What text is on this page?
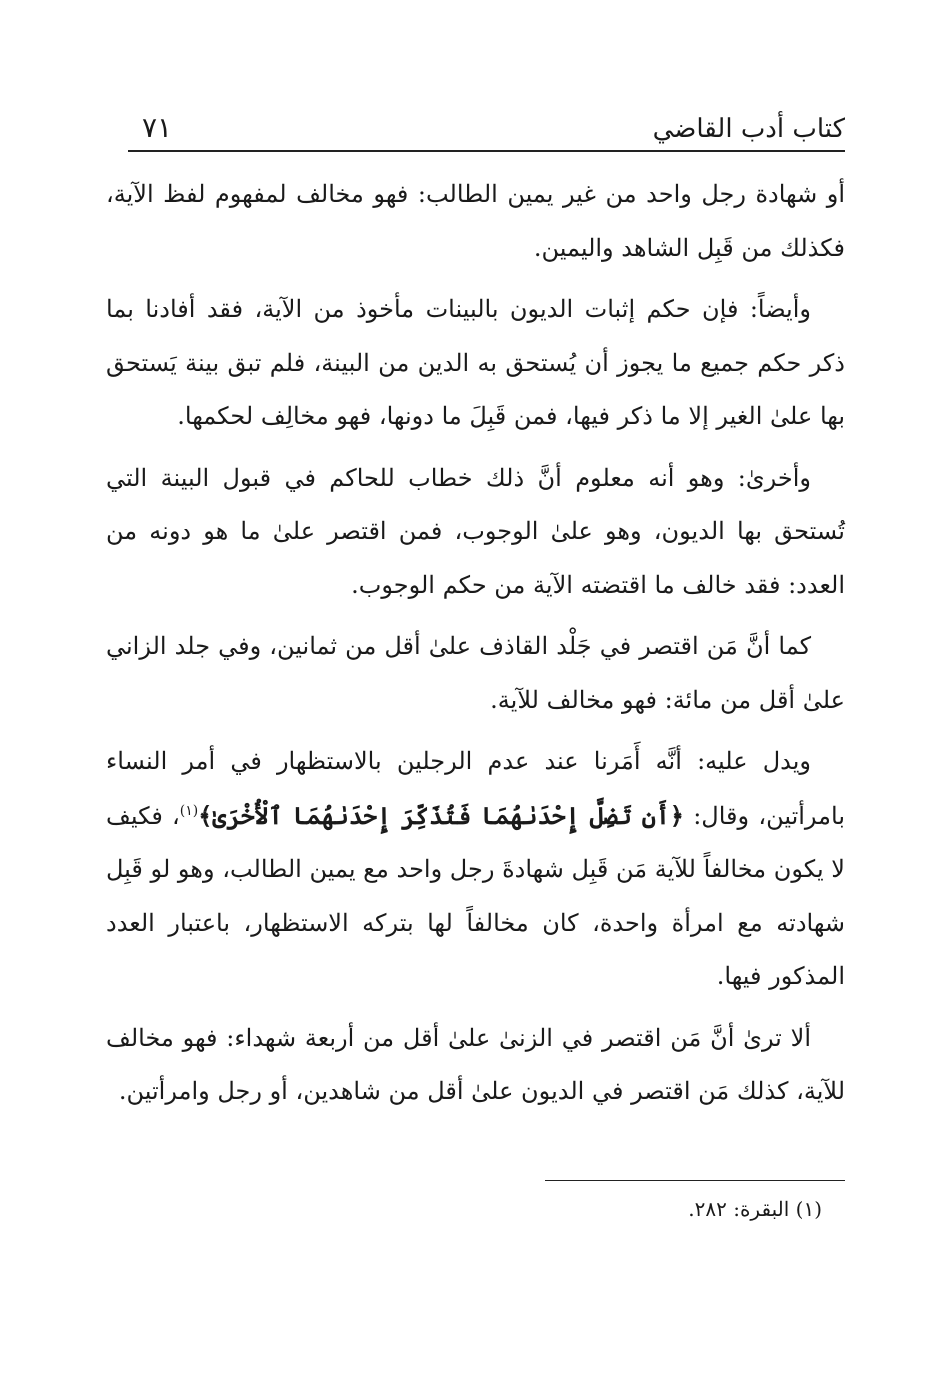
كتاب أدب القاضي
٧١

أو شهادة رجل واحد من غير يمين الطالب: فهو مخالف لمفهوم لفظ الآية، فكذلك من قَبِل الشاهد واليمين.

وأيضاً: فإن حكم إثبات الديون بالبينات مأخوذ من الآية، فقد أفادنا بما ذكر حكم جميع ما يجوز أن يُستحق به الدين من البينة، فلم تبق بينة يَستحق بها علىٰ الغير إلا ما ذكر فيها، فمن قَبِلَ ما دونها، فهو مخالِف لحكمها.

وأخرىٰ: وهو أنه معلوم أنَّ ذلك خطاب للحاكم في قبول البينة التي تُستحق بها الديون، وهو علىٰ الوجوب، فمن اقتصر علىٰ ما هو دونه من العدد: فقد خالف ما اقتضته الآية من حكم الوجوب.

كما أنَّ مَن اقتصر في جَلْد القاذف علىٰ أقل من ثمانين، وفي جلد الزاني علىٰ أقل من مائة: فهو مخالف للآية.

ويدل عليه: أنَّه أَمَرنا عند عدم الرجلين بالاستظهار في أمر النساء بامرأتين، وقال: ﴿أَن تَضِلَّ إِحْدَىٰهُمَا فَتُذَكِّرَ إِحْدَىٰهُمَا ٱلْأُخْرَىٰ﴾$^{(١)}$، فكيف لا يكون مخالفاً للآية مَن قَبِل شهادةَ رجل واحد مع يمين الطالب، وهو لو قَبِل شهادته مع امرأة واحدة، كان مخالفاً لها بتركه الاستظهار، باعتبار العدد المذكور فيها.

ألا ترىٰ أنَّ مَن اقتصر في الزنىٰ علىٰ أقل من أربعة شهداء: فهو مخالف للآية، كذلك مَن اقتصر في الديون علىٰ أقل من شاهدين، أو رجل وامرأتين.

(١) البقرة: ٢٨٢.
